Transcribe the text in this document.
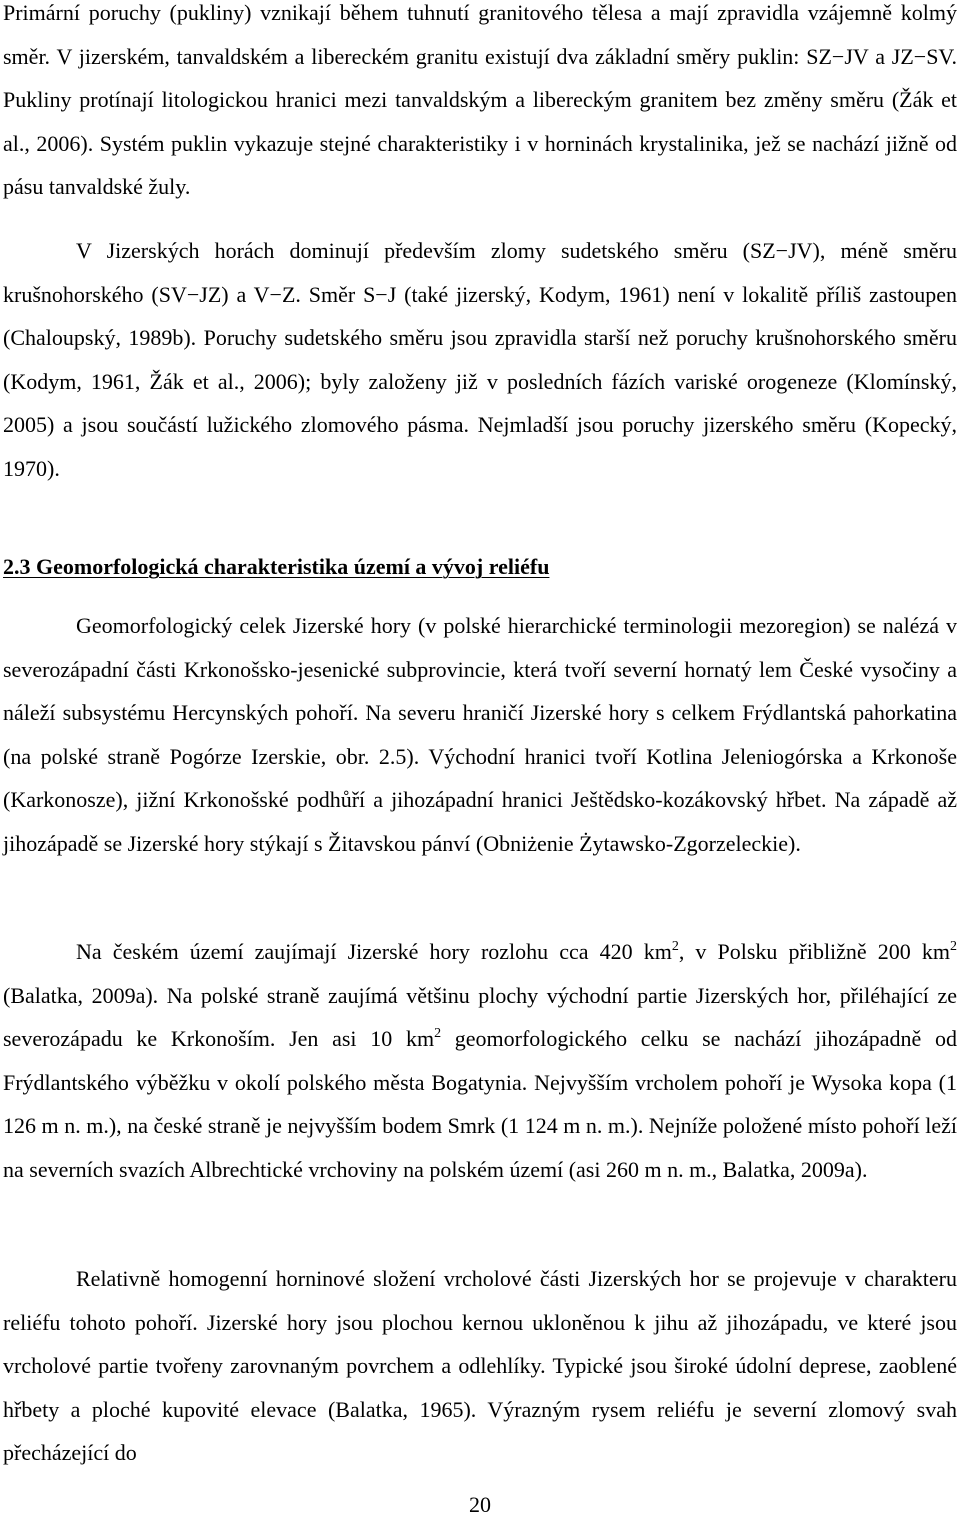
Primární poruchy (pukliny) vznikají během tuhnutí granitového tělesa a mají zpravidla vzájemně kolmý směr. V jizerském, tanvaldském a libereckém granitu existují dva základní směry puklin: SZ−JV a JZ−SV. Pukliny protínají litologickou hranici mezi tanvaldským a libereckým granitem bez změny směru (Žák et al., 2006). Systém puklin vykazuje stejné charakteristiky i v horninách krystalinika, jež se nachází jižně od pásu tanvaldské žuly.

V Jizerských horách dominují především zlomy sudetského směru (SZ−JV), méně směru krušnohorského (SV−JZ) a V−Z. Směr S−J (také jizerský, Kodym, 1961) není v lokalitě příliš zastoupen (Chaloupský, 1989b). Poruchy sudetského směru jsou zpravidla starší než poruchy krušnohorského směru (Kodym, 1961, Žák et al., 2006); byly založeny již v posledních fázích variské orogeneze (Klomínský, 2005) a jsou součástí lužického zlomového pásma. Nejmladší jsou poruchy jizerského směru (Kopecký, 1970).

2.3 Geomorfologická charakteristika území a vývoj reliéfu

Geomorfologický celek Jizerské hory (v polské hierarchické terminologii mezoregion) se nalézá v severozápadní části Krkonošsko-jesenické subprovincie, která tvoří severní hornatý lem České vysočiny a náleží subsystému Hercynských pohoří. Na severu hraničí Jizerské hory s celkem Frýdlantská pahorkatina (na polské straně Pogórze Izerskie, obr. 2.5). Východní hranici tvoří Kotlina Jeleniogórska a Krkonoše (Karkonosze), jižní Krkonošské podhůří a jihozápadní hranici Ještědsko-kozákovský hřbet. Na západě až jihozápadě se Jizerské hory stýkají s Žitavskou pánví (Obniżenie Żytawsko-Zgorzeleckie).

Na českém území zaujímají Jizerské hory rozlohu cca 420 $km^2$, v Polsku přibližně 200 $km^2$ (Balatka, 2009a). Na polské straně zaujímá většinu plochy východní partie Jizerských hor, přiléhající ze severozápadu ke Krkonoším. Jen asi 10 $km^2$ geomorfologického celku se nachází jihozápadně od Frýdlantského výběžku v okolí polského města Bogatynia. Nejvyšším vrcholem pohoří je Wysoka kopa (1 126 m n. m.), na české straně je nejvyšším bodem Smrk (1 124 m n. m.). Nejníže položené místo pohoří leží na severních svazích Albrechtické vrchoviny na polském území (asi 260 m n. m., Balatka, 2009a).

Relativně homogenní horninové složení vrcholové části Jizerských hor se projevuje v charakteru reliéfu tohoto pohoří. Jizerské hory jsou plochou kernou ukloněnou k jihu až jihozápadu, ve které jsou vrcholové partie tvořeny zarovnaným povrchem a odlehlíky. Typické jsou široké údolní deprese, zaoblené hřbety a ploché kupovité elevace (Balatka, 1965). Výrazným rysem reliéfu je severní zlomový svah přecházející do

20
